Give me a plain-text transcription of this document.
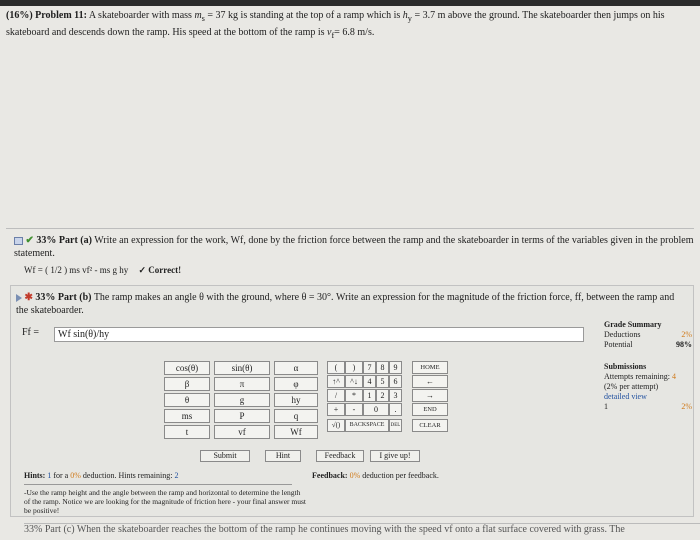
(16%) Problem 11: A skateboarder with mass $m_s = 37$ kg is standing at the top of a ramp which is $h_y = 3.7$ m above the ground. The skateboarder then jumps on his skateboard and descends down the ramp. His speed at the bottom of the ramp is $v_f= 6.8$ m/s.
✔ 33% Part (a) Write an expression for the work, Wf, done by the friction force between the ramp and the skateboarder in terms of the variables given in the problem statement.
Wf = ( 1/2 ) ms vf² - ms g hy ✓ Correct!
✱ 33% Part (b) The ramp makes an angle θ with the ground, where θ = 30°. Write an expression for the magnitude of the friction force, ff, between the ramp and the skateboarder.
Ff =	Wf sin(θ)/hy
cos(θ)	sin(θ)	α
β	π	φ
θ	g	hy
ms	P	q
t	vf	Wf
(	)	7	8	9	HOME
↑^	^↓	4	5	6	←
/	*	1	2	3	→
+	-	0	.	END
√()	BACKSPACE	DEL	CLEAR
Submit	Hint	Feedback	I give up!
Grade Summary
Deductions	2%
Potential	98%
Submissions
Attempts remaining: 4
(2% per attempt)
detailed view
1	2%
Hints: 1 for a 0% deduction. Hints remaining: 2	Feedback: 0% deduction per feedback.
-Use the ramp height and the angle between the ramp and horizontal to determine the length of the ramp. Notice we are looking for the magnitude of friction here - your final answer must be positive!
33% Part (c) When the skateboarder reaches the bottom of the ramp he continues moving with the speed vf onto a flat surface covered with grass. The
